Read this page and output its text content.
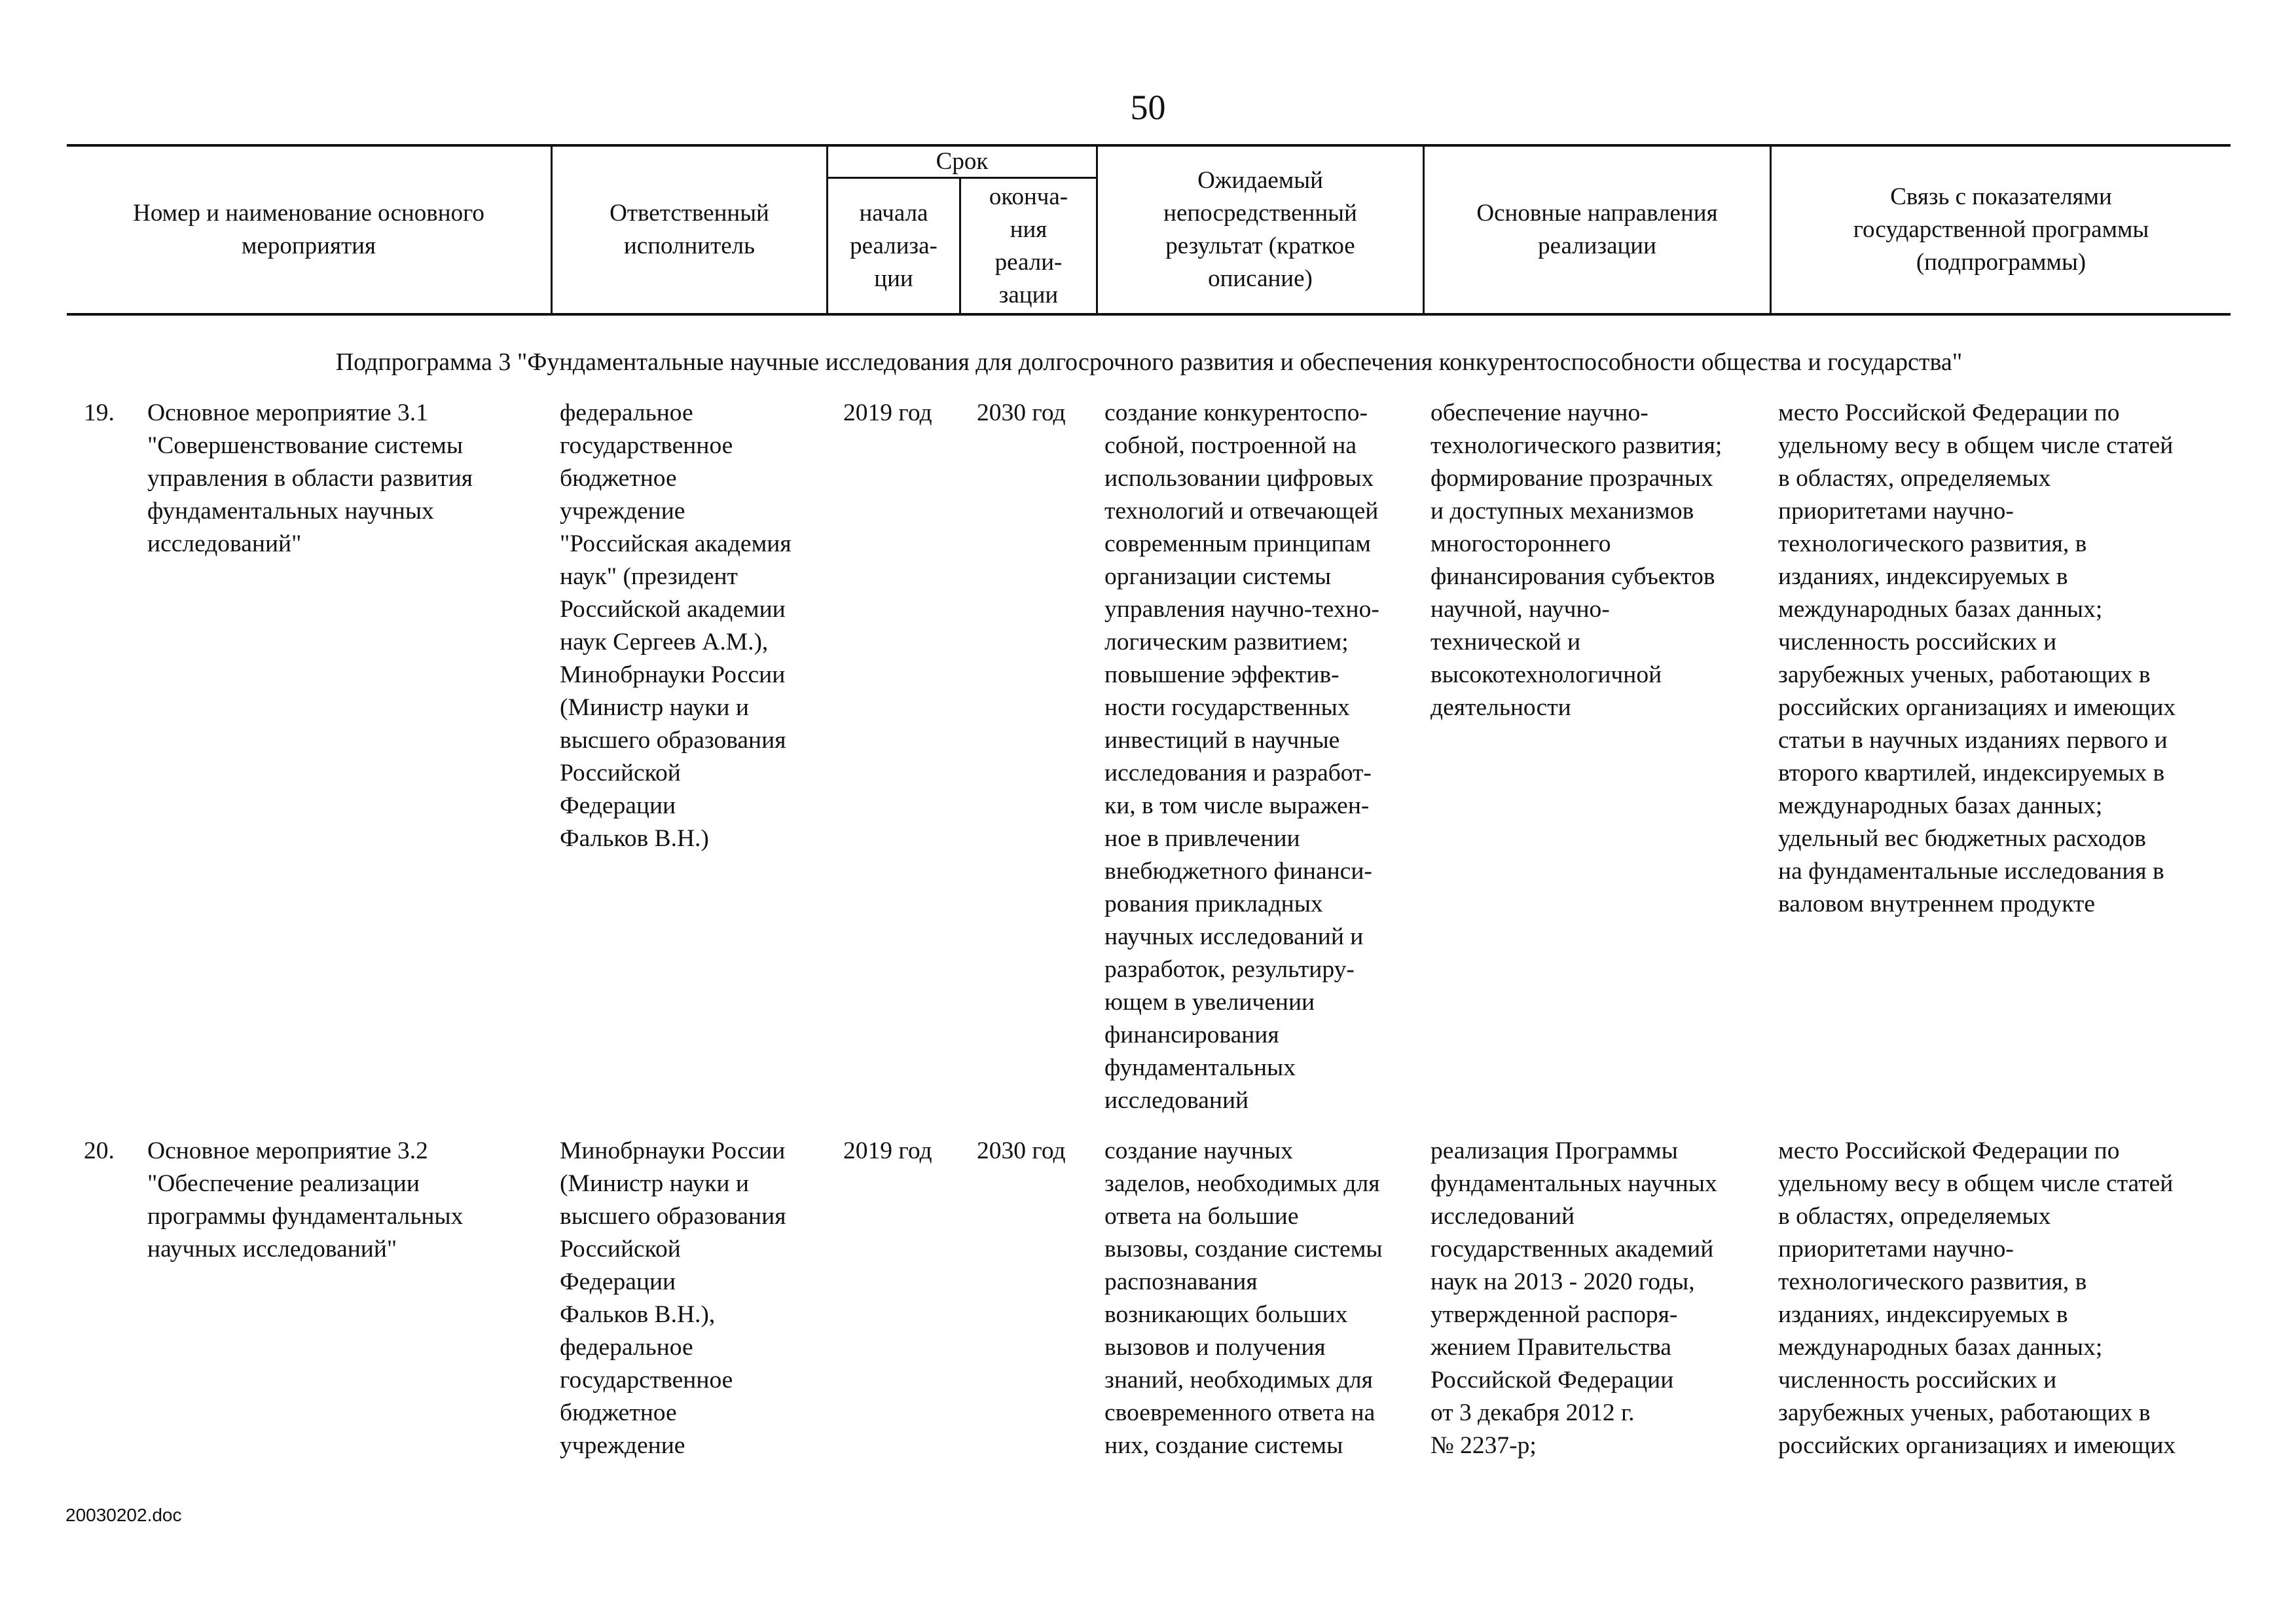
50
Номер и наименование основного
мероприятия
Ответственный
исполнитель
Срок
начала
реализа-
ции
оконча-
ния
реали-
зации
Ожидаемый
непосредственный
результат (краткое
описание)
Основные направления
реализации
Связь с показателями
государственной программы
(подпрограммы)
Подпрограмма 3 "Фундаментальные научные исследования для долгосрочного развития и обеспечения конкурентоспособности общества и государства"
19. Основное мероприятие 3.1
"Совершенствование системы
управления в области развития
фундаментальных научных
исследований"
федеральное
государственное
бюджетное
учреждение
"Российская академия
наук" (президент
Российской академии
наук Сергеев А.М.),
Минобрнауки России
(Министр науки и
высшего образования
Российской
Федерации
Фальков В.Н.)
2019 год 2030 год создание конкурентоспо-
собной, построенной на
использовании цифровых
технологий и отвечающей
современным принципам
организации системы
управления научно-техно-
логическим развитием;
повышение эффектив-
ности государственных
инвестиций в научные
исследования и разработ-
ки, в том числе выражен-
ное в привлечении
внебюджетного финанси-
рования прикладных
научных исследований и
разработок, результиру-
ющем в увеличении
финансирования
фундаментальных
исследований
обеспечение научно-
технологического развития;
формирование прозрачных
и доступных механизмов
многостороннего
финансирования субъектов
научной, научно-
технической и
высокотехнологичной
деятельности
место Российской Федерации по
удельному весу в общем числе статей
в областях, определяемых
приоритетами научно-
технологического развития, в
изданиях, индексируемых в
международных базах данных;
численность российских и
зарубежных ученых, работающих в
российских организациях и имеющих
статьи в научных изданиях первого и
второго квартилей, индексируемых в
международных базах данных;
удельный вес бюджетных расходов
на фундаментальные исследования в
валовом внутреннем продукте
20. Основное мероприятие 3.2
"Обеспечение реализации
программы фундаментальных
научных исследований"
Минобрнауки России
(Министр науки и
высшего образования
Российской
Федерации
Фальков В.Н.),
федеральное
государственное
бюджетное
учреждение
2019 год 2030 год создание научных
заделов, необходимых для
ответа на большие
вызовы, создание системы
распознавания
возникающих больших
вызовов и получения
знаний, необходимых для
своевременного ответа на
них, создание системы
реализация Программы
фундаментальных научных
исследований
государственных академий
наук на 2013 - 2020 годы,
утвержденной распоря-
жением Правительства
Российской Федерации
от 3 декабря 2012 г.
№ 2237-р;
место Российской Федерации по
удельному весу в общем числе статей
в областях, определяемых
приоритетами научно-
технологического развития, в
изданиях, индексируемых в
международных базах данных;
численность российских и
зарубежных ученых, работающих в
российских организациях и имеющих
20030202.doc
